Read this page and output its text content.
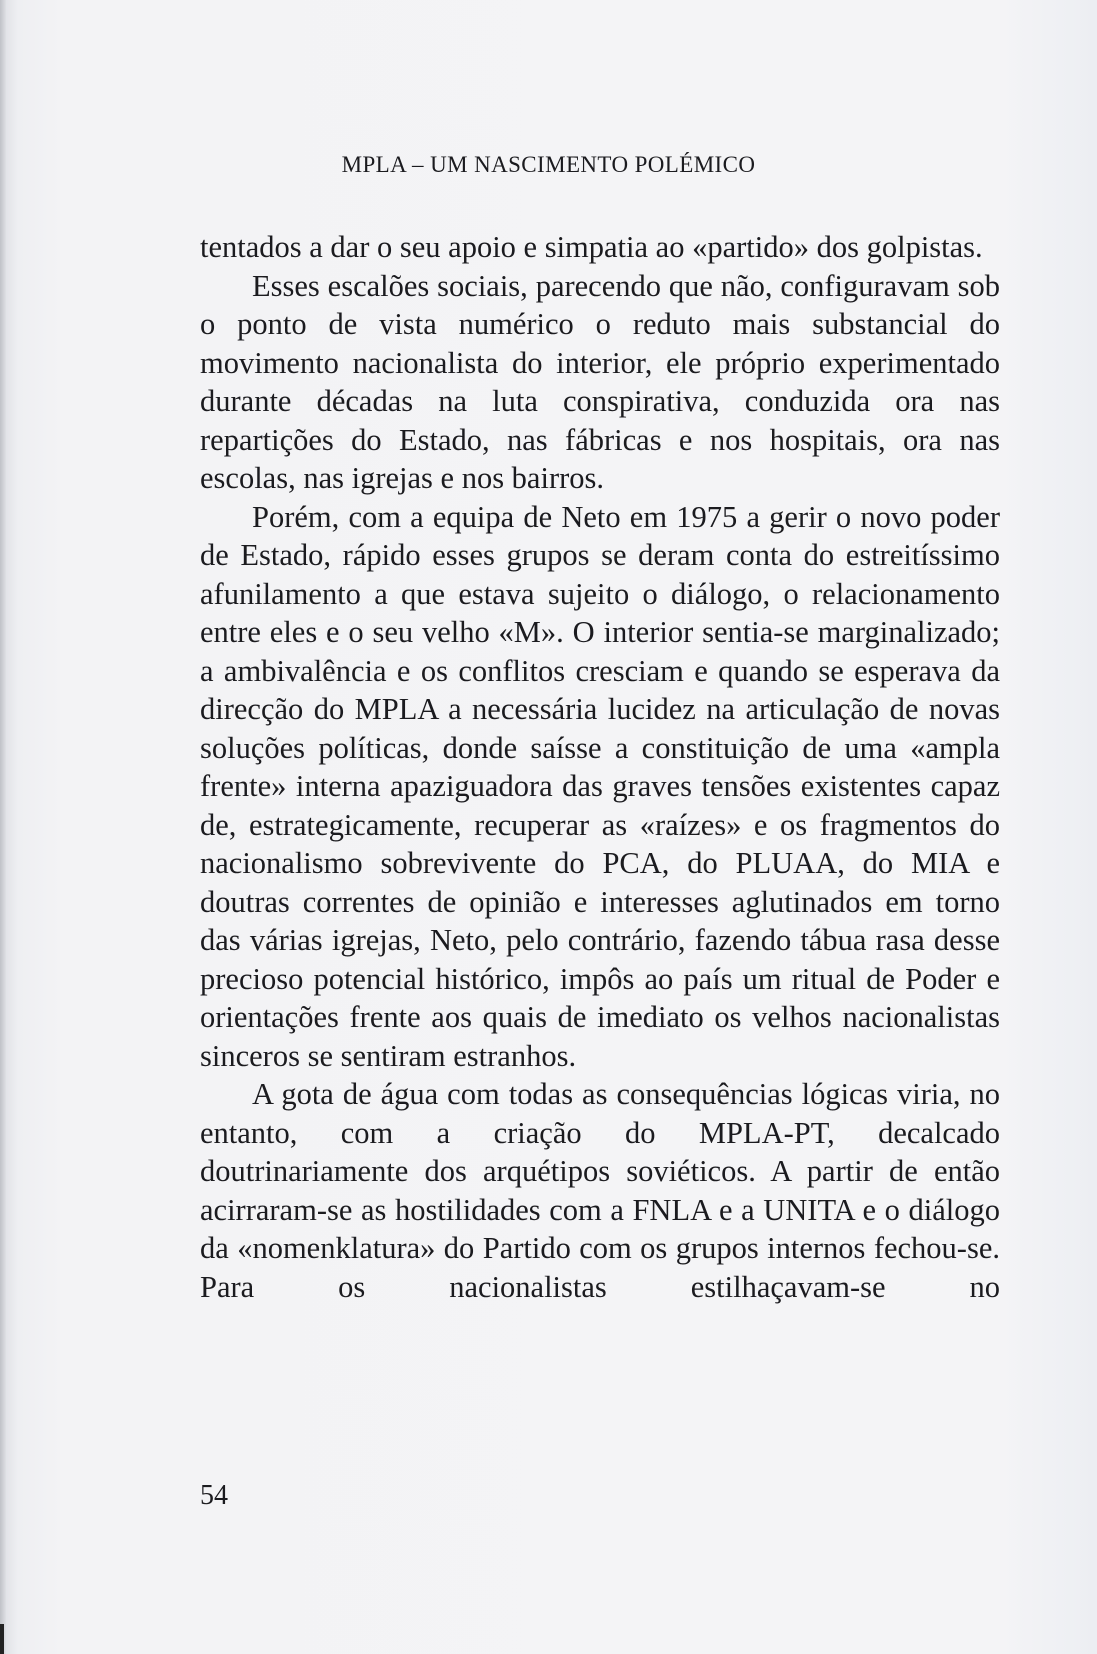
MPLA – UM NASCIMENTO POLÉMICO

tentados a dar o seu apoio e simpatia ao «partido» dos golpistas.

Esses escalões sociais, parecendo que não, configuravam sob o ponto de vista numérico o reduto mais substancial do movimento nacionalista do interior, ele próprio experimentado durante décadas na luta conspirativa, conduzida ora nas repartições do Estado, nas fábricas e nos hospitais, ora nas escolas, nas igrejas e nos bairros.

Porém, com a equipa de Neto em 1975 a gerir o novo poder de Estado, rápido esses grupos se deram conta do estreitíssimo afunilamento a que estava sujeito o diálogo, o relacionamento entre eles e o seu velho «M». O interior sentia-se marginalizado; a ambivalência e os conflitos cresciam e quando se esperava da direcção do MPLA a necessária lucidez na articulação de novas soluções políticas, donde saísse a constituição de uma «ampla frente» interna apaziguadora das graves tensões existentes capaz de, estrategicamente, recuperar as «raízes» e os fragmentos do nacionalismo sobrevivente do PCA, do PLUAA, do MIA e doutras correntes de opinião e interesses aglutinados em torno das várias igrejas, Neto, pelo contrário, fazendo tábua rasa desse precioso potencial histórico, impôs ao país um ritual de Poder e orientações frente aos quais de imediato os velhos nacionalistas sinceros se sentiram estranhos.

A gota de água com todas as consequências lógicas viria, no entanto, com a criação do MPLA-PT, decalcado doutrinariamente dos arquétipos soviéticos. A partir de então acirraram-se as hostilidades com a FNLA e a UNITA e o diálogo da «nomenklatura» do Partido com os grupos internos fechou-se. Para os nacionalistas estilhaçavam-se no

54
